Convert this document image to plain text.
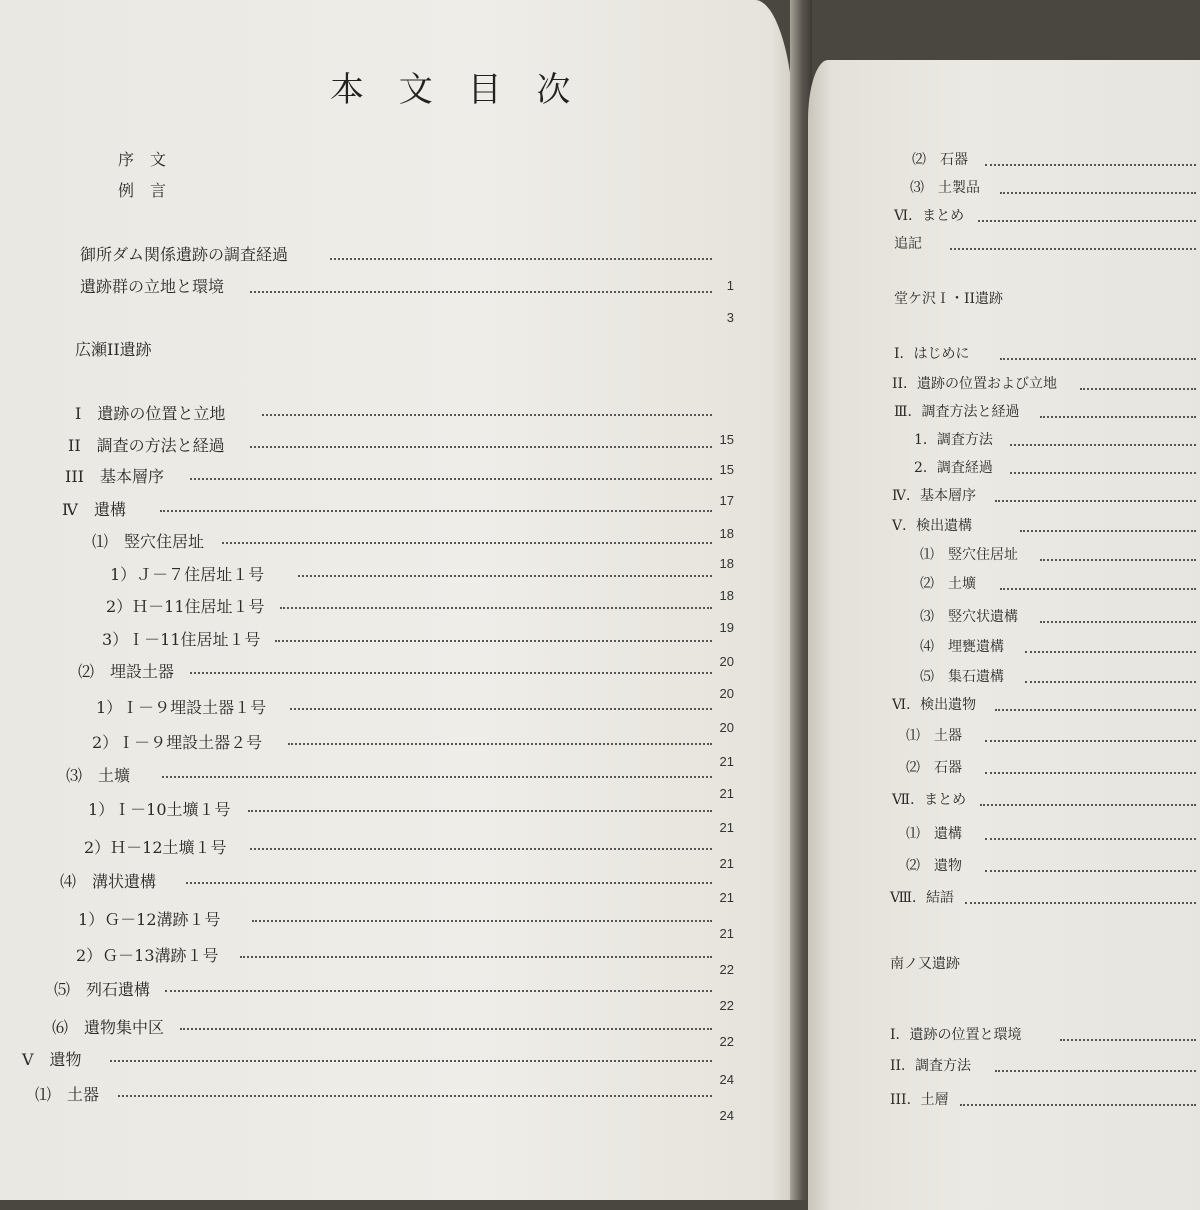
本 文 目 次
序　文
例　言
御所ダム関係遺跡の調査経過
1
遺跡群の立地と環境
3
広瀬II遺跡
I　遺跡の位置と立地
15
II　調査の方法と経過
15
III　基本層序
17
Ⅳ　遺構
18
⑴　竪穴住居址
18
1）Ｊ－７住居址１号
18
2）Ｈ－11住居址１号
19
3）Ｉ－11住居址１号
20
⑵　埋設土器
20
1）Ｉ－９埋設土器１号
20
2）Ｉ－９埋設土器２号
21
⑶　土壙
21
1）Ｉ－10土壙１号
21
2）Ｈ－12土壙１号
21
⑷　溝状遺構
21
1）Ｇ－12溝跡１号
21
2）Ｇ－13溝跡１号
22
⑸　列石遺構
22
⑹　遺物集中区
22
Ⅴ　遺物
24
⑴　土器
24
⑵　石器
⑶　土製品
Ⅵ．まとめ
追記
堂ケ沢Ｉ・II遺跡
I．はじめに
II．遺跡の位置および立地
Ⅲ．調査方法と経過
1．調査方法
2．調査経過
Ⅳ．基本層序
Ⅴ．検出遺構
⑴　竪穴住居址
⑵　土壙
⑶　竪穴状遺構
⑷　埋甕遺構
⑸　集石遺構
Ⅵ．検出遺物
⑴　土器
⑵　石器
Ⅶ．まとめ
⑴　遺構
⑵　遺物
Ⅷ．結語
南ノ又遺跡
I．遺跡の位置と環境
II．調査方法
III．土層
